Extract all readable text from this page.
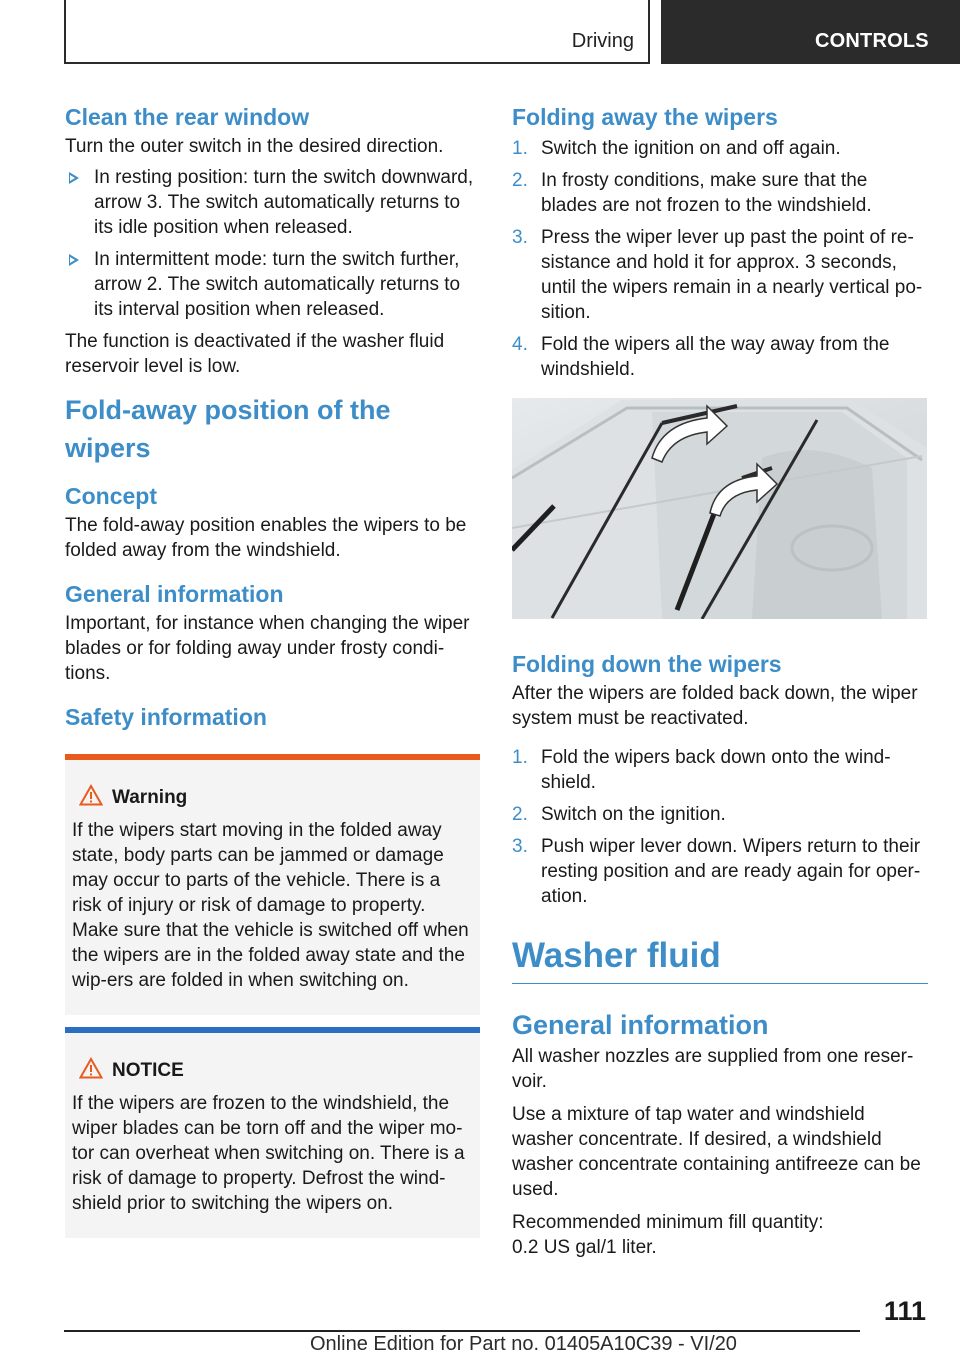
Driving	CONTROLS
Clean the rear window

Turn the outer switch in the desired direction.

In resting position: turn the switch downward, arrow 3. The switch automatically returns to its idle position when released.
In intermittent mode: turn the switch further, arrow 2. The switch automatically returns to its interval position when released.

The function is deactivated if the washer fluid reservoir level is low.

Fold-away position of the wipers
Concept

The fold-away position enables the wipers to be folded away from the windshield.

General information

Important, for instance when changing the wiper blades or for folding away under frosty condi-tions.

Safety information
Warning

If the wipers start moving in the folded away state, body parts can be jammed or damage may occur to parts of the vehicle. There is a risk of injury or risk of damage to property. Make sure that the vehicle is switched off when the wipers are in the folded away state and the wip-ers are folded in when switching on.

NOTICE

If the wipers are frozen to the windshield, the wiper blades can be torn off and the wiper mo-tor can overheat when switching on. There is a risk of damage to property. Defrost the wind-shield prior to switching the wipers on.

Folding away the wipers
1. Switch the ignition on and off again.
2. In frosty conditions, make sure that the blades are not frozen to the windshield.
3. Press the wiper lever up past the point of re-sistance and hold it for approx. 3 seconds, until the wipers remain in a nearly vertical po-sition.
4. Fold the wipers all the way away from the windshield.
Folding down the wipers

After the wipers are folded back down, the wiper system must be reactivated.

1. Fold the wipers back down onto the wind-shield.
2. Switch on the ignition.
3. Push wiper lever down. Wipers return to their resting position and are ready again for oper-ation.
Washer fluid
General information

All washer nozzles are supplied from one reser-voir.

Use a mixture of tap water and windshield washer concentrate. If desired, a windshield washer concentrate containing antifreeze can be used.

Recommended minimum fill quantity:
0.2 US gal/1 liter.

111
Online Edition for Part no. 01405A10C39 - VI/20
